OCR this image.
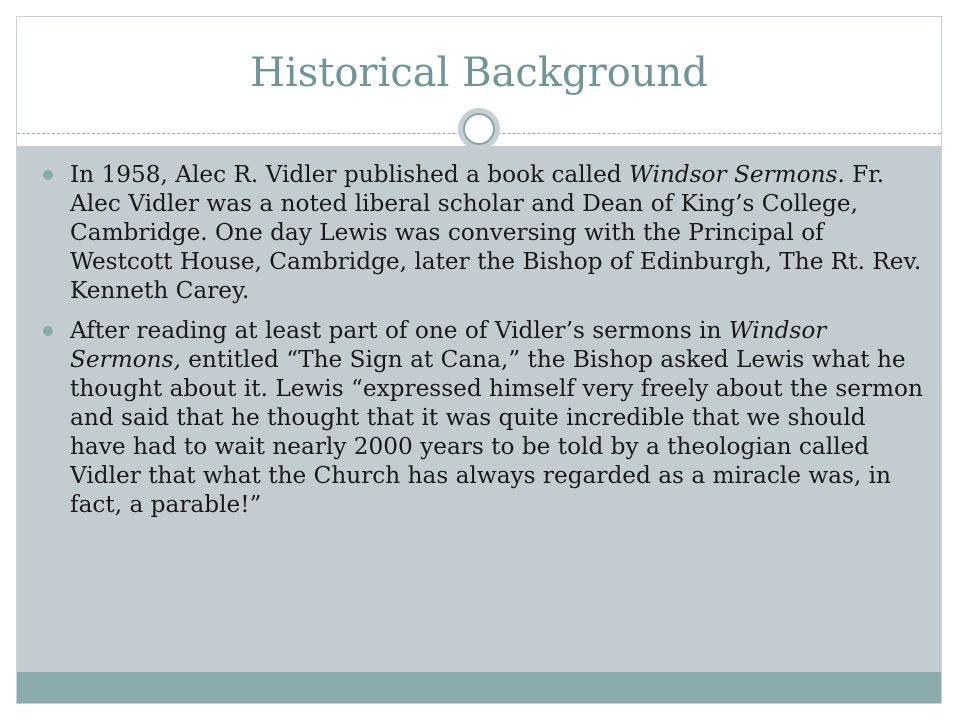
Historical Background
In 1958, Alec R. Vidler published a book called Windsor Sermons. Fr. Alec Vidler was a noted liberal scholar and Dean of King’s College, Cambridge. One day Lewis was conversing with the Principal of Westcott House, Cambridge, later the Bishop of Edinburgh, The Rt. Rev. Kenneth Carey.
After reading at least part of one of Vidler’s sermons in Windsor Sermons, entitled “The Sign at Cana,” the Bishop asked Lewis what he thought about it. Lewis “expressed himself very freely about the sermon and said that he thought that it was quite incredible that we should have had to wait nearly 2000 years to be told by a theologian called Vidler that what the Church has always regarded as a miracle was, in fact, a parable!”
